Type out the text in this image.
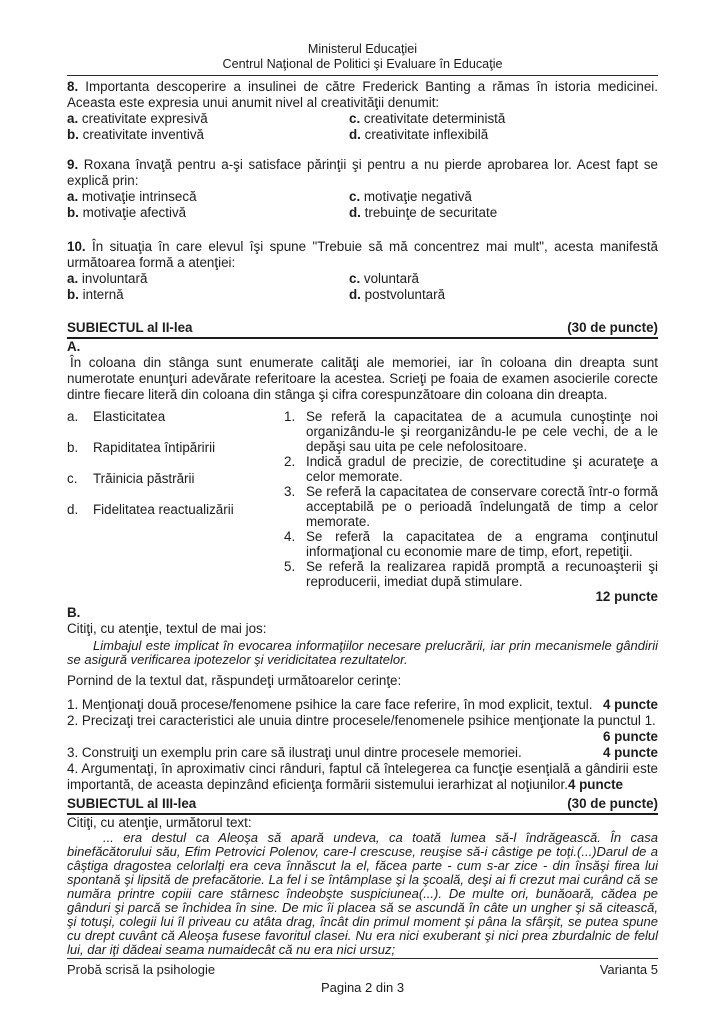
Ministerul Educaţiei
Centrul Naţional de Politici şi Evaluare în Educaţie

8. Importanta descoperire a insulinei de către Frederick Banting a rămas în istoria medicinei. Aceasta este expresia unui anumit nivel al creativităţii denumit:

a. creativitate expresivă	c. creativitate deterministă
b. creativitate inventivă	d. creativitate inflexibilă

9. Roxana învaţă pentru a-şi satisface părinţii şi pentru a nu pierde aprobarea lor. Acest fapt se explică prin:

a. motivaţie intrinsecă	c. motivaţie negativă
b. motivaţie afectivă	d. trebuinţe de securitate

10. În situaţia în care elevul îşi spune "Trebuie să mă concentrez mai mult", acesta manifestă următoarea formă a atenţiei:

a. involuntară	c. voluntară
b. internă	d. postvoluntară
SUBIECTUL al II-lea	(30 de puncte)

A.

În coloana din stânga sunt enumerate calităţi ale memoriei, iar în coloana din dreapta sunt numerotate enunţuri adevărate referitoare la acestea. Scrieţi pe foaia de examen asocierile corecte dintre fiecare literă din coloana din stânga şi cifra corespunzătoare din coloana din dreapta.

a.	Elasticitatea
b.	Rapiditatea întipăririi
c.	Trăinicia păstrării
d.	Fidelitatea reactualizării
1. Se referă la capacitatea de a acumula cunoştinţe noi organizându-le şi reorganizându-le pe cele vechi, de a le depăşi sau uita pe cele nefolositoare.

2. Indică gradul de precizie, de corectitudine şi acurateţe a celor memorate.

3. Se referă la capacitatea de conservare corectă într-o formă acceptabilă pe o perioadă îndelungată de timp a celor memorate.

4. Se referă la capacitatea de a engrama conţinutul informaţional cu economie mare de timp, efort, repetiţii.

5. Se referă la realizarea rapidă promptă a recunoaşterii şi reproducerii, imediat după stimulare.

12 puncte

B.

Citiţi, cu atenţie, textul de mai jos:

Limbajul este implicat în evocarea informaţiilor necesare prelucrării, iar prin mecanismele gândirii se asigură verificarea ipotezelor şi veridicitatea rezultatelor.

Pornind de la textul dat, răspundeţi următoarelor cerinţe:

1. Menţionaţi două procese/fenomene psihice la care face referire, în mod explicit, textul. 4 puncte

2. Precizaţi trei caracteristici ale unuia dintre procesele/fenomenele psihice menţionate la punctul 1.

6 puncte

3. Construiţi un exemplu prin care să ilustraţi unul dintre procesele memoriei.	4 puncte

4. Argumentaţi, în aproximativ cinci rânduri, faptul că întelegerea ca funcţie esenţială a gândirii este importantă, de aceasta depinzând eficienţa formării sistemului ierarhizat al noţiunilor.4 puncte

SUBIECTUL al III-lea	(30 de puncte)

Citiţi, cu atenţie, următorul text:

... era destul ca Aleoşa să apară undeva, ca toată lumea să-l îndrăgească. În casa binefăcătorului său, Efim Petrovici Polenov, care-l crescuse, reuşise să-i câstige pe toţi.(...)Darul de a câştiga dragostea celorlalţi era ceva înnăscut la el, făcea parte - cum s-ar zice - din însăşi firea lui spontană şi lipsită de prefacătorie. La fel i se întâmplase şi la şcoală, deşi ai fi crezut mai curând că se număra printre copiii care stârnesc îndeobşte suspiciunea(...). De multe ori, bunăoară, cădea pe gânduri şi parcă se închidea în sine. De mic îi placea să se ascundă în câte un ungher şi să citească, şi totuşi, colegii lui îl priveau cu atâta drag, încât din primul moment şi pâna la sfârşit, se putea spune cu drept cuvânt că Aleoşa fusese favoritul clasei. Nu era nici exuberant şi nici prea zburdalnic de felul lui, dar iţi dădeai seama numaidecât că nu era nici ursuz;

Probă scrisă la psihologie	Varianta 5
Pagina 2 din 3
